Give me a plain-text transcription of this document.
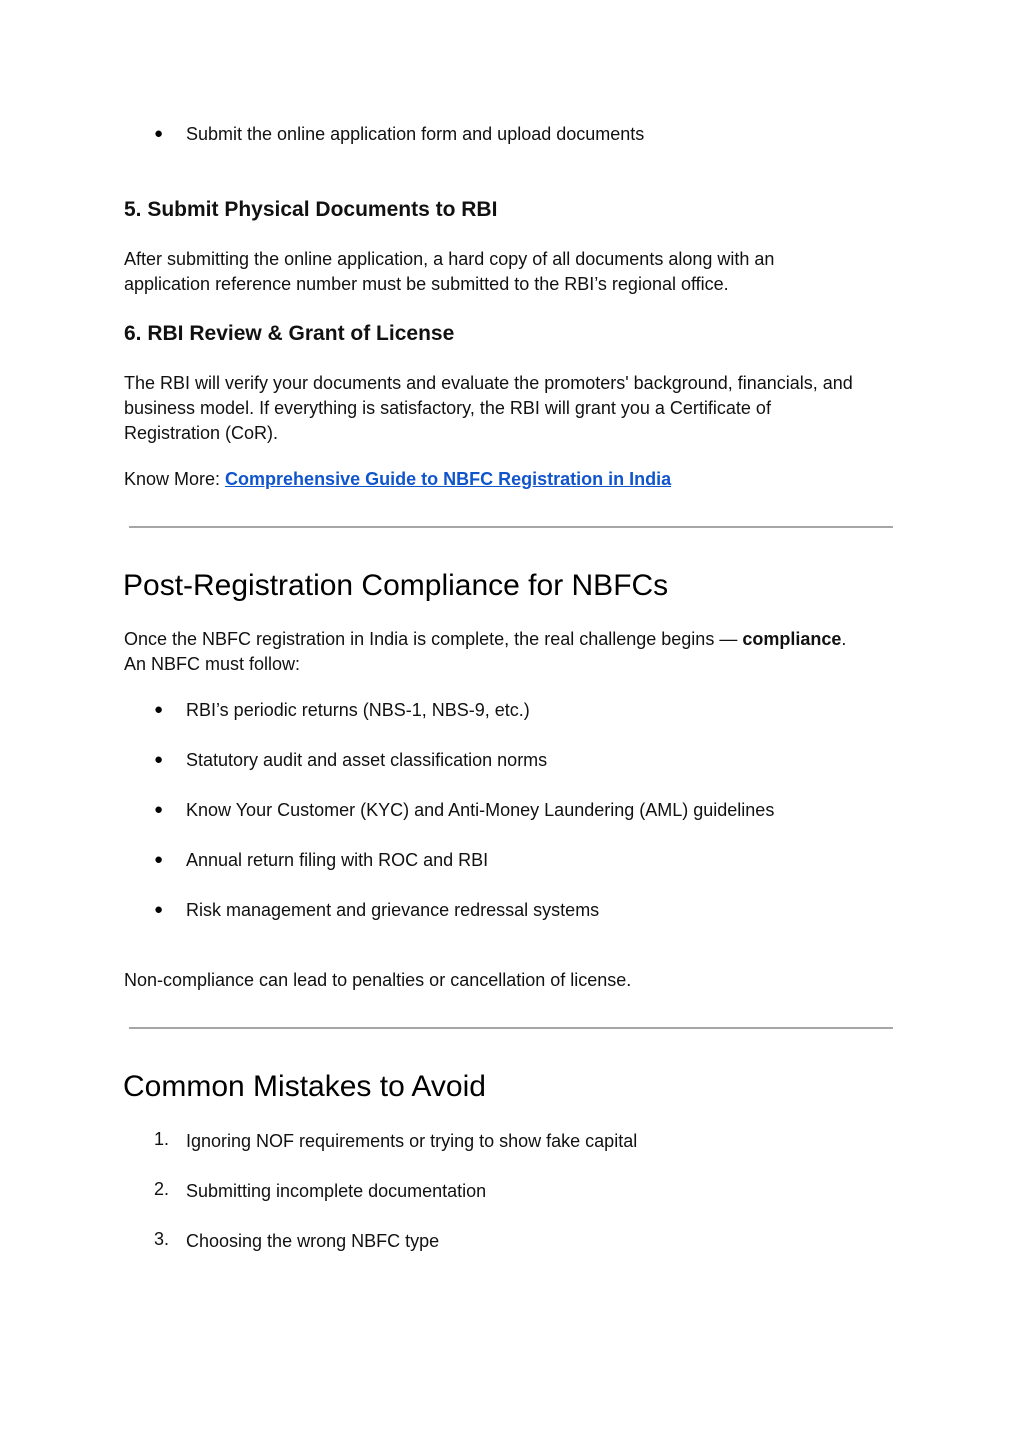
● Submit the online application form and upload documents
5. Submit Physical Documents to RBI
After submitting the online application, a hard copy of all documents along with an
application reference number must be submitted to the RBI’s regional office.
6. RBI Review & Grant of License
The RBI will verify your documents and evaluate the promoters' background, financials, and
business model. If everything is satisfactory, the RBI will grant you a Certificate of
Registration (CoR).
Know More: Comprehensive Guide to NBFC Registration in India
Post-Registration Compliance for NBFCs
Once the NBFC registration in India is complete, the real challenge begins — compliance.
An NBFC must follow:
● RBI’s periodic returns (NBS-1, NBS-9, etc.)
● Statutory audit and asset classification norms
● Know Your Customer (KYC) and Anti-Money Laundering (AML) guidelines
● Annual return filing with ROC and RBI
● Risk management and grievance redressal systems
Non-compliance can lead to penalties or cancellation of license.
Common Mistakes to Avoid
1. Ignoring NOF requirements or trying to show fake capital
2. Submitting incomplete documentation
3. Choosing the wrong NBFC type
